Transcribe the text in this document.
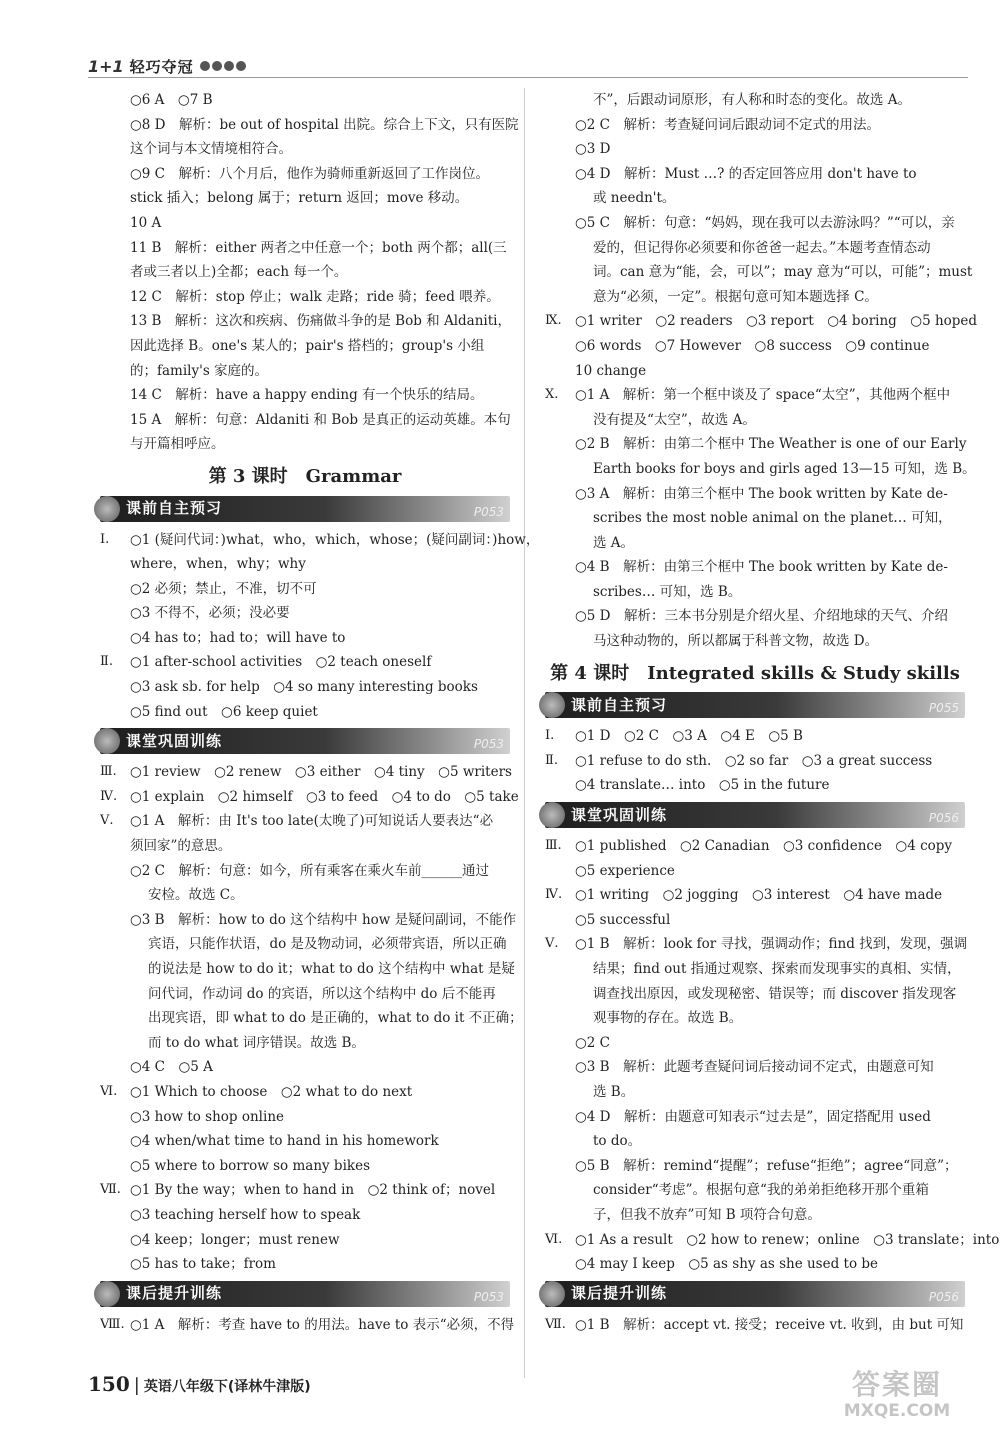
1+1 轻巧夺冠
○6 A　○7 B
○8 D　解析：be out of hospital 出院。综合上下文，只有医院
这个词与本文情境相符合。
○9 C　解析：八个月后，他作为骑师重新返回了工作岗位。
stick 插入；belong 属于；return 返回；move 移动。
10 A
11 B　解析：either 两者之中任意一个；both 两个都；all(三
者或三者以上)全都；each 每一个。
12 C　解析：stop 停止；walk 走路；ride 骑；feed 喂养。
13 B　解析：这次和疾病、伤痛做斗争的是 Bob 和 Aldaniti，
因此选择 B。one's 某人的；pair's 搭档的；group's 小组
的；family's 家庭的。
14 C　解析：have a happy ending 有一个快乐的结局。
15 A　解析：句意：Aldaniti 和 Bob 是真正的运动英雄。本句
与开篇相呼应。
第 3 课时　Grammar
课前自主预习	P053
Ⅰ.	○1 (疑问代词：)what，who，which，whose；(疑问副词：)how，
where，when，why；why
○2 必须；禁止，不准，切不可
○3 不得不，必须；没必要
○4 has to；had to；will have to
Ⅱ.	○1 after-school activities　○2 teach oneself
○3 ask sb. for help　○4 so many interesting books
○5 find out　○6 keep quiet
课堂巩固训练	P053
Ⅲ. ○1 review　○2 renew　○3 either　○4 tiny　○5 writers
Ⅳ. ○1 explain　○2 himself　○3 to feed　○4 to do　○5 take
Ⅴ.	○1 A　解析：由 It's too late(太晚了)可知说话人要表达“必
须回家”的意思。
○2 C　解析：句意：如今，所有乘客在乘火车前______通过
安检。故选 C。
○3 B　解析：how to do 这个结构中 how 是疑问副词，不能作
宾语，只能作状语，do 是及物动词，必须带宾语，所以正确
的说法是 how to do it；what to do 这个结构中 what 是疑
问代词，作动词 do 的宾语，所以这个结构中 do 后不能再
出现宾语，即 what to do 是正确的，what to do it 不正确；
而 to do what 词序错误。故选 B。
○4 C　○5 A
Ⅵ. ○1 Which to choose　○2 what to do next
○3 how to shop online
○4 when/what time to hand in his homework
○5 where to borrow so many bikes
Ⅶ. ○1 By the way；when to hand in　○2 think of；novel
○3 teaching herself how to speak
○4 keep；longer；must renew
○5 has to take；from
课后提升训练	P053
Ⅷ. ○1 A　解析：考查 have to 的用法。have to 表示“必须，不得
不”，后跟动词原形，有人称和时态的变化。故选 A。
○2 C　解析：考查疑问词后跟动词不定式的用法。
○3 D
○4 D　解析：Must …? 的否定回答应用 don't have to
或 needn't。
○5 C　解析：句意：“妈妈，现在我可以去游泳吗？”“可以，亲
爱的，但记得你必须要和你爸爸一起去。”本题考查情态动
词。can 意为“能，会，可以”；may 意为“可以，可能”；must
意为“必须，一定”。根据句意可知本题选择 C。
Ⅸ. ○1 writer　○2 readers　○3 report　○4 boring　○5 hoped
○6 words　○7 However　○8 success　○9 continue
10 change
Ⅹ.	○1 A　解析：第一个框中谈及了 space“太空”，其他两个框中
没有提及“太空”，故选 A。
○2 B　解析：由第二个框中 The Weather is one of our Early
Earth books for boys and girls aged 13—15 可知，选 B。
○3 A　解析：由第三个框中 The book written by Kate de-
scribes the most noble animal on the planet… 可知，
选 A。
○4 B　解析：由第三个框中 The book written by Kate de-
scribes… 可知，选 B。
○5 D　解析：三本书分别是介绍火星、介绍地球的天气、介绍
马这种动物的，所以都属于科普文物，故选 D。
第 4 课时　Integrated skills & Study skills
课前自主预习	P055
Ⅰ.	○1 D　○2 C　○3 A　○4 E　○5 B
Ⅱ.	○1 refuse to do sth.　○2 so far　○3 a great success
○4 translate… into　○5 in the future
课堂巩固训练	P056
Ⅲ. ○1 published　○2 Canadian　○3 confidence　○4 copy
○5 experience
Ⅳ. ○1 writing　○2 jogging　○3 interest　○4 have made
○5 successful
Ⅴ.	○1 B　解析：look for 寻找，强调动作；find 找到，发现，强调
结果；find out 指通过观察、探索而发现事实的真相、实情，
调查找出原因，或发现秘密、错误等；而 discover 指发现客
观事物的存在。故选 B。
○2 C
○3 B　解析：此题考查疑问词后接动词不定式，由题意可知
选 B。
○4 D　解析：由题意可知表示“过去是”，固定搭配用 used
to do。
○5 B　解析：remind“提醒”；refuse“拒绝”；agree“同意”；
consider“考虑”。根据句意“我的弟弟拒绝移开那个重箱
子，但我不放弃”可知 B 项符合句意。
Ⅵ. ○1 As a result　○2 how to renew；online　○3 translate；into
○4 may I keep　○5 as shy as she used to be
课后提升训练	P056
Ⅶ. ○1 B　解析：accept vt. 接受；receive vt. 收到，由 but 可知
150 | 英语八年级下(译林牛津版)	答案圈
MXQE.COM
